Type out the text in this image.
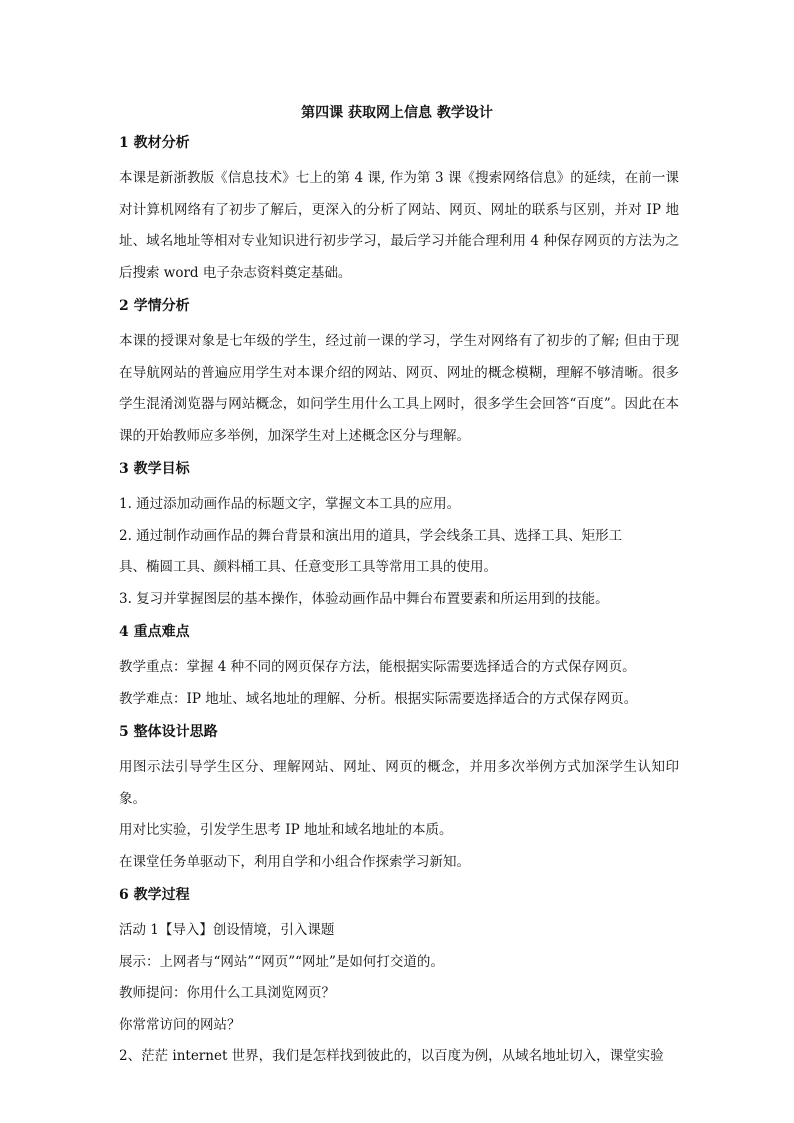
第四课 获取网上信息 教学设计
1 教材分析

本课是新浙教版《信息技术》七上的第 4 课, 作为第 3 课《搜索网络信息》的延续，在前一课对计算机网络有了初步了解后，更深入的分析了网站、网页、网址的联系与区别，并对 IP 地址、域名地址等相对专业知识进行初步学习，最后学习并能合理利用 4 种保存网页的方法为之后搜索 word 电子杂志资料奠定基础。

2 学情分析

本课的授课对象是七年级的学生，经过前一课的学习，学生对网络有了初步的了解; 但由于现在导航网站的普遍应用学生对本课介绍的网站、网页、网址的概念模糊，理解不够清晰。很多学生混淆浏览器与网站概念，如问学生用什么工具上网时，很多学生会回答“百度”。因此在本课的开始教师应多举例，加深学生对上述概念区分与理解。

3 教学目标

1. 通过添加动画作品的标题文字，掌握文本工具的应用。

2. 通过制作动画作品的舞台背景和演出用的道具，学会线条工具、选择工具、矩形工

具、椭圆工具、颜料桶工具、任意变形工具等常用工具的使用。

3. 复习并掌握图层的基本操作，体验动画作品中舞台布置要素和所运用到的技能。

4 重点难点

教学重点：掌握 4 种不同的网页保存方法，能根据实际需要选择适合的方式保存网页。

教学难点：IP 地址、域名地址的理解、分析。根据实际需要选择适合的方式保存网页。

5 整体设计思路

用图示法引导学生区分、理解网站、网址、网页的概念，并用多次举例方式加深学生认知印象。

用对比实验，引发学生思考 IP 地址和域名地址的本质。

在课堂任务单驱动下，利用自学和小组合作探索学习新知。

6 教学过程

活动 1【导入】创设情境，引入课题

展示：上网者与“网站”“网页”“网址”是如何打交道的。

教师提问：你用什么工具浏览网页？

你常常访问的网站？

2、茫茫 internet 世界，我们是怎样找到彼此的，以百度为例，从域名地址切入，课堂实验
